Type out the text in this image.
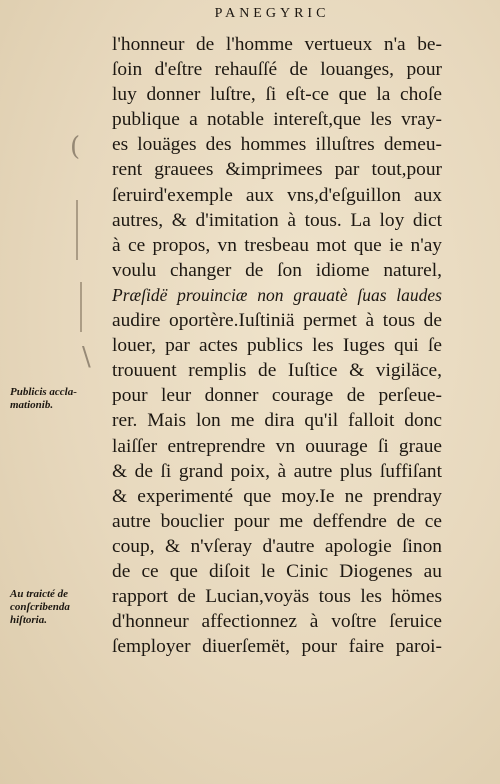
PANEGYRIC
(
\
l'honneur de l'homme vertueux n'a be-
ſoin d'eſtre rehauſſé de louanges, pour
luy donner luſtre, ſi eſt-ce que la choſe
publique a notable intereſt,que les vray-
es louäges des hommes illuſtres demeu-
rent grauees &imprimees par tout,pour
ſeruird'exemple aux vns,d'eſguillon aux
autres, & d'imitation à tous. La loy dict
à ce propos, vn tresbeau mot que ie n'ay
voulu changer de ſon idiome naturel,
Præſidë prouinciæ non grauatè ſuas laudes
audire oportère.Iuſtiniä permet à tous de
louer, par actes publics les Iuges qui ſe
trouuent remplis de Iuſtice & vigiläce,
pour leur donner courage de perſeue-
rer. Mais lon me dira qu'il falloit donc
laiſſer entreprendre vn ouurage ſi graue
& de ſi grand poix, à autre plus ſuffiſant
& experimenté que moy.Ie ne prendray
autre bouclier pour me deffendre de ce
coup, & n'vſeray d'autre apologie ſinon
de ce que diſoit le Cinic Diogenes au
rapport de Lucian,voyäs tous les hömes
d'honneur affectionnez à voſtre ſeruice
ſemployer diuerſemët, pour faire paroi-
Publicis accla- mationib.
Au traicté de conſcribenda hiſtoria.
